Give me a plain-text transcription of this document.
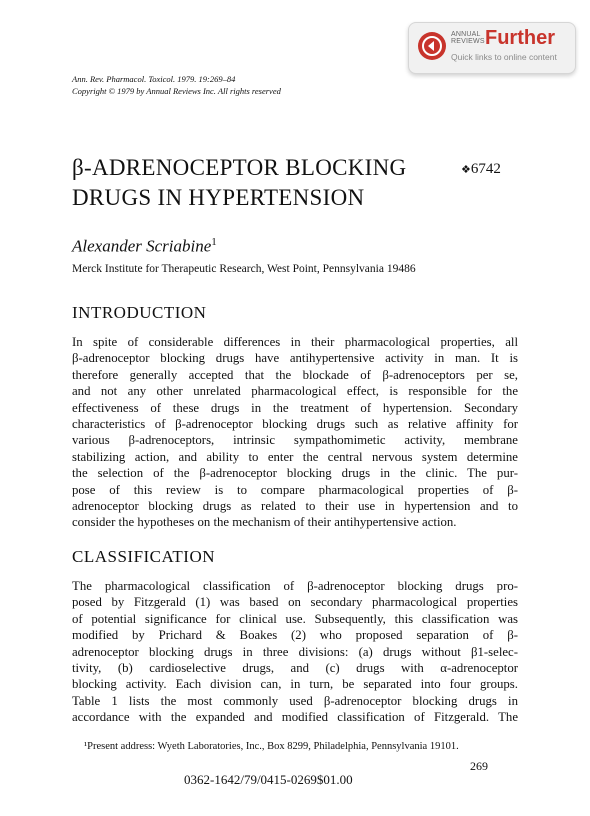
ANNUAL
REVIEWS Further
Quick links to online content
Ann. Rev. Pharmacol. Toxicol. 1979. 19:269–84
Copyright © 1979 by Annual Reviews Inc. All rights reserved
β-ADRENOCEPTOR BLOCKING
DRUGS IN HYPERTENSION
❖6742
Alexander Scriabine$^1$
Merck Institute for Therapeutic Research, West Point, Pennsylvania 19486
INTRODUCTION
In spite of considerable differences in their pharmacological properties, all
β-adrenoceptor blocking drugs have antihypertensive activity in man. It is
therefore generally accepted that the blockade of β-adrenoceptors per se,
and not any other unrelated pharmacological effect, is responsible for the
effectiveness of these drugs in the treatment of hypertension. Secondary
characteristics of β-adrenoceptor blocking drugs such as relative affinity for
various β-adrenoceptors, intrinsic sympathomimetic activity, membrane
stabilizing action, and ability to enter the central nervous system determine
the selection of the β-adrenoceptor blocking drugs in the clinic. The pur-
pose of this review is to compare pharmacological properties of β-
adrenoceptor blocking drugs as related to their use in hypertension and to
consider the hypotheses on the mechanism of their antihypertensive action.
CLASSIFICATION
The pharmacological classification of β-adrenoceptor blocking drugs pro-
posed by Fitzgerald (1) was based on secondary pharmacological properties
of potential significance for clinical use. Subsequently, this classification was
modified by Prichard & Boakes (2) who proposed separation of β-
adrenoceptor blocking drugs in three divisions: (a) drugs without β1-selec-
tivity, (b) cardioselective drugs, and (c) drugs with α-adrenoceptor
blocking activity. Each division can, in turn, be separated into four groups.
Table 1 lists the most commonly used β-adrenoceptor blocking drugs in
accordance with the expanded and modified classification of Fitzgerald. The
¹Present address: Wyeth Laboratories, Inc., Box 8299, Philadelphia, Pennsylvania 19101.
269
0362-1642/79/0415-0269$01.00
